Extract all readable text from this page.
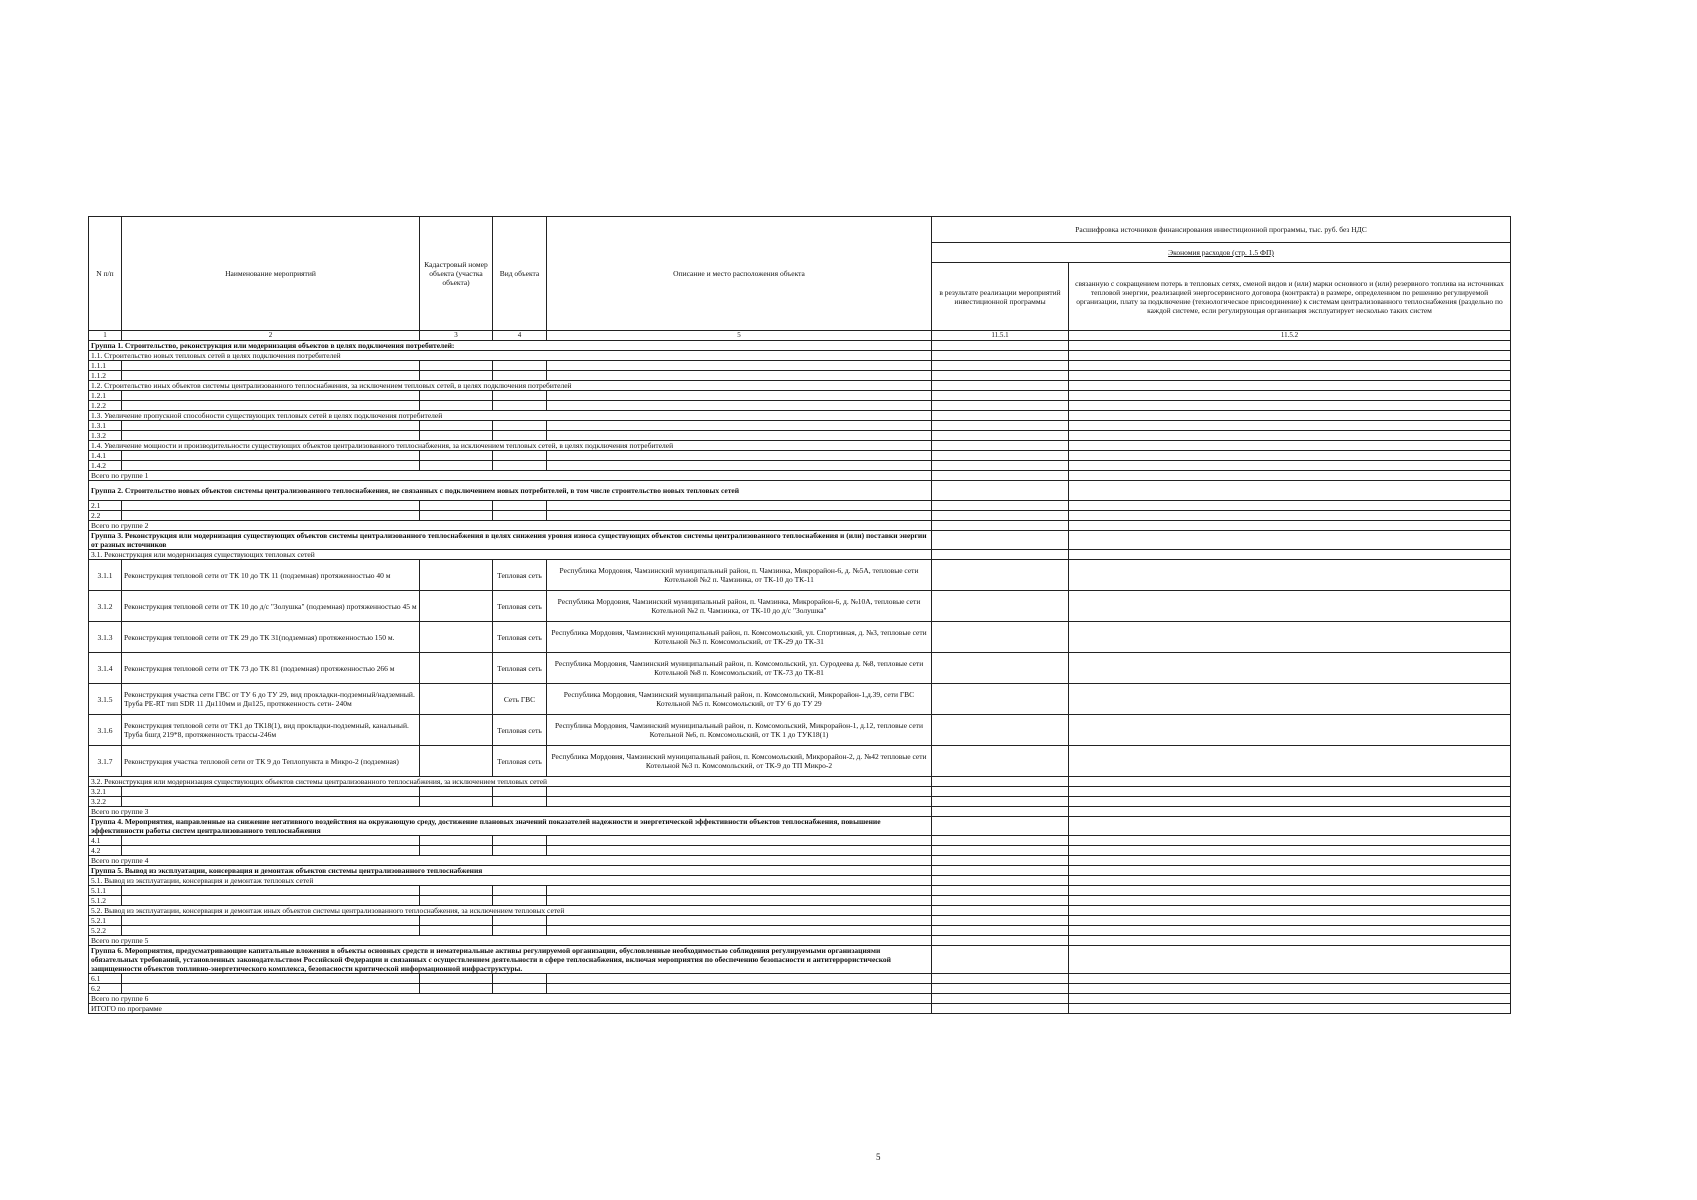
N п/п	Наименование мероприятий	Кадастровый номер объекта (участка объекта)	Вид объекта	Описание и место расположения объекта	Расшифровка источников финансирования инвестиционной программы, тыс. руб. без НДС	
					Экономия расходов (стр. 1.5 ФП)	
					в результате реализации мероприятий инвестиционной программы	связанную с сокращением потерь в тепловых сетях, сменой видов и (или) марки основного и (или) резервного топлива на источниках тепловой энергии, реализацией энергосервисного договора (контракта) в размере, определенном по решению регулируемой организации, плату за подключение (технологическое присоединение) к системам централизованного теплоснабжения (раздельно по каждой системе, если регулирующая организация эксплуатирует несколько таких систем
1	2	3	4	5	11.5.1	11.5.2
Группа 1. Строительство, реконструкция или модернизация объектов в целях подключения потребителей:						
1.1. Строительство новых тепловых сетей в целях подключения потребителей						
1.1.1						
1.1.2						
1.2. Строительство иных объектов системы централизованного теплоснабжения, за исключением тепловых сетей, в целях подключения потребителей						
1.2.1						
1.2.2						
1.3. Увеличение пропускной способности существующих тепловых сетей в целях подключения потребителей						
1.3.1						
1.3.2						
1.4. Увеличение мощности и производительности существующих объектов централизованного теплоснабжения, за исключением тепловых сетей, в целях подключения потребителей						
1.4.1						
1.4.2						
Всего по группе 1						
Группа 2. Строительство новых объектов системы централизованного теплоснабжения, не связанных с подключением новых потребителей, в том числе строительство новых тепловых сетей						
2.1						
2.2						
Всего по группе 2						
Группа 3. Реконструкция или модернизация существующих объектов системы централизованного теплоснабжения в целях снижения уровня износа существующих объектов системы централизованного теплоснабжения и (или) поставки энергии от разных источников						
3.1. Реконструкция или модернизация существующих тепловых сетей						
3.1.1	Реконструкция тепловой сети от ТК 10 до ТК 11 (подземная) протяженностью 40 м		Тепловая сеть	Республика Мордовия, Чамзинский муниципальный район, п. Чамзинка, Микрорайон-6, д. №5А, тепловые сети Котельной №2 п. Чамзинка, от ТК-10 до ТК-11		
3.1.2	Реконструкция тепловой сети от ТК 10 до д/с "Золушка" (подземная) протяженностью 45 м		Тепловая сеть	Республика Мордовия, Чамзинский муниципальный район, п. Чамзинка, Микрорайон-6, д. №10А, тепловые сети Котельной №2 п. Чамзинка, от ТК-10 до д/с "Золушка"		
3.1.3	Реконструкция тепловой сети от ТК 29 до ТК 31(подземная) протяженностью 150 м.		Тепловая сеть	Республика Мордовия, Чамзинский муниципальный район, п. Комсомольский, ул. Спортивная, д. №3, тепловые сети Котельной №3 п. Комсомольский, от ТК-29 до ТК-31		
3.1.4	Реконструкция тепловой сети от ТК 73 до ТК 81 (подземная) протяженностью 266 м		Тепловая сеть	Республика Мордовия, Чамзинский муниципальный район, п. Комсомольский, ул. Суродеева д. №8, тепловые сети Котельной №8 п. Комсомольский, от ТК-73 до ТК-81		
3.1.5	Реконструкция участка сети ГВС от ТУ 6 до ТУ 29, вид прокладки-подземный/надземный. Труба PE-RT тип SDR 11 Дн110мм и Дн125, протяженность сети- 240м		Сеть ГВС	Республика Мордовия, Чамзинский муниципальный район, п. Комсомольский, Микрорайон-1,д.39, сети ГВС Котельной №5 п. Комсомольский, от ТУ 6 до ТУ 29		
3.1.6	Реконструкция тепловой сети от ТК1 до ТК18(1), вид прокладки-подземный, канальный. Труба бшгд 219*8, протяженность трассы-246м		Тепловая сеть	Республика Мордовия, Чамзинский муниципальный район, п. Комсомольский, Микрорайон-1, д.12, тепловые сети Котельной №6, п. Комсомольский, от ТК 1 до ТУК18(1)		
3.1.7	Реконструкция участка тепловой сети от ТК 9 до Теплопункта в Микро-2 (подземная)		Тепловая сеть	Республика Мордовия, Чамзинский муниципальный район, п. Комсомольский, Микрорайон-2, д. №42 тепловые сети Котельной №3 п. Комсомольский, от ТК-9 до ТП Микро-2		
3.2. Реконструкция или модернизация существующих объектов системы централизованного теплоснабжения, за исключением тепловых сетей						
3.2.1						
3.2.2						
Всего по группе 3						
Группа 4. Мероприятия, направленные на снижение негативного воздействия на окружающую среду, достижение плановых значений показателей надежности и энергетической эффективности объектов теплоснабжения, повышение эффективности работы систем централизованного теплоснабжения						
4.1						
4.2						
Всего по группе 4						
Группа 5. Вывод из эксплуатации, консервация и демонтаж объектов системы централизованного теплоснабжения						
5.1. Вывод из эксплуатации, консервация и демонтаж тепловых сетей						
5.1.1						
5.1.2						
5.2. Вывод из эксплуатации, консервация и демонтаж иных объектов системы централизованного теплоснабжения, за исключением тепловых сетей						
5.2.1						
5.2.2						
Всего по группе 5						
Группа 6. Мероприятия, предусматривающие капитальные вложения в объекты основных средств и нематериальные активы регулируемой организации, обусловленные необходимостью соблюдения регулируемыми организациями обязательных требований, установленных законодательством Российской Федерации и связанных с осуществлением деятельности в сфере теплоснабжения, включая мероприятия по обеспечению безопасности и антитеррористической защищенности объектов топливно-энергетического комплекса, безопасности критической информационной инфраструктуры.						
6.1						
6.2						
Всего по группе 6						
ИТОГО по программе						
5
